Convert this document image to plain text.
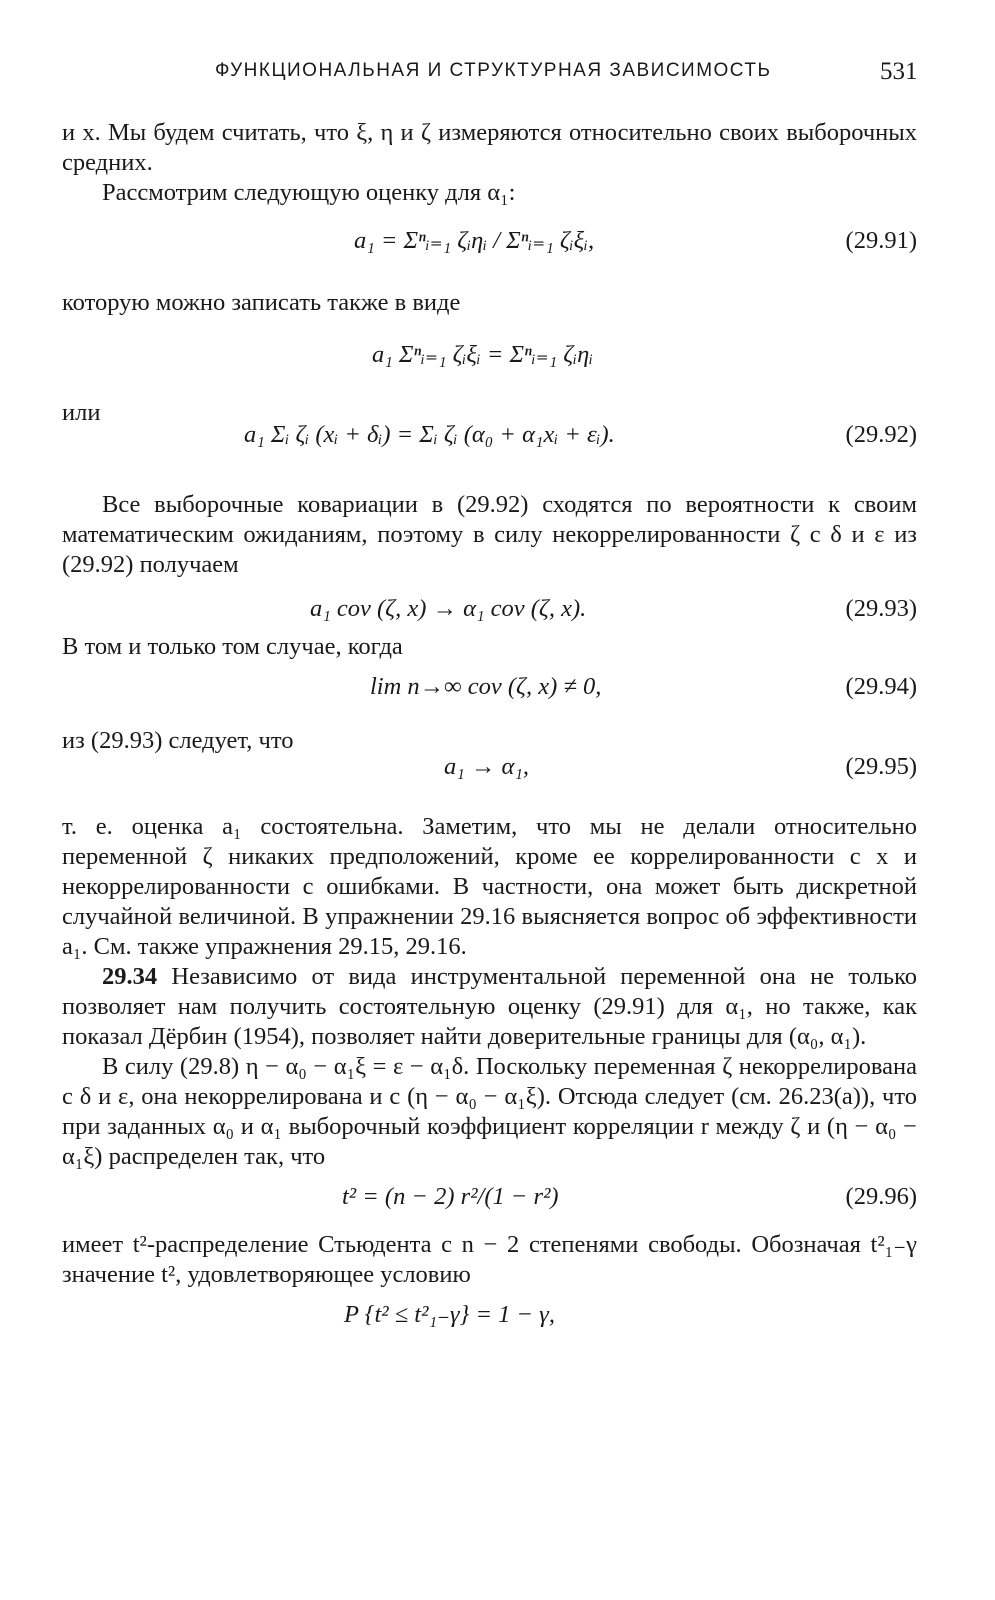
ФУНКЦИОНАЛЬНАЯ И СТРУКТУРНАЯ ЗАВИСИМОСТЬ	531

и x. Мы будем считать, что ξ, η и ζ измеряются относительно своих выборочных средних.

Рассмотрим следующую оценку для α₁:

a₁ = Σⁿᵢ₌₁ ζᵢηᵢ / Σⁿᵢ₌₁ ζᵢξᵢ,	(29.91)

которую можно записать также в виде

a₁ Σⁿᵢ₌₁ ζᵢξᵢ = Σⁿᵢ₌₁ ζᵢηᵢ
или
a₁ Σᵢ ζᵢ (xᵢ + δᵢ) = Σᵢ ζᵢ (α₀ + α₁xᵢ + εᵢ).	(29.92)

Все выборочные ковариации в (29.92) сходятся по вероятности к своим математическим ожиданиям, поэтому в силу некоррелированности ζ с δ и ε из (29.92) получаем

a₁ cov (ζ, x) → α₁ cov (ζ, x).	(29.93)

В том и только том случае, когда

lim n→∞ cov (ζ, x) ≠ 0,	(29.94)
из (29.93) следует, что
a₁ → α₁,	(29.95)

т. е. оценка a₁ состоятельна. Заметим, что мы не делали относительно переменной ζ никаких предположений, кроме ее коррелированности с x и некоррелированности с ошибками. В частности, она может быть дискретной случайной величиной. В упражнении 29.16 выясняется вопрос об эффективности a₁. См. также упражнения 29.15, 29.16.

29.34 Независимо от вида инструментальной переменной она не только позволяет нам получить состоятельную оценку (29.91) для α₁, но также, как показал Дёрбин (1954), позволяет найти доверительные границы для (α₀, α₁).

В силу (29.8) η − α₀ − α₁ξ = ε − α₁δ. Поскольку переменная ζ некоррелирована с δ и ε, она некоррелирована и с (η − α₀ − α₁ξ). Отсюда следует (см. 26.23(a)), что при заданных α₀ и α₁ выборочный коэффициент корреляции r между ζ и (η − α₀ − α₁ξ) распределен так, что

t² = (n − 2) r²/(1 − r²)	(29.96)

имеет t²-распределение Стьюдента с n − 2 степенями свободы. Обозначая t²₁₋γ значение t², удовлетворяющее условию

P {t² ≤ t²₁₋γ} = 1 − γ,
